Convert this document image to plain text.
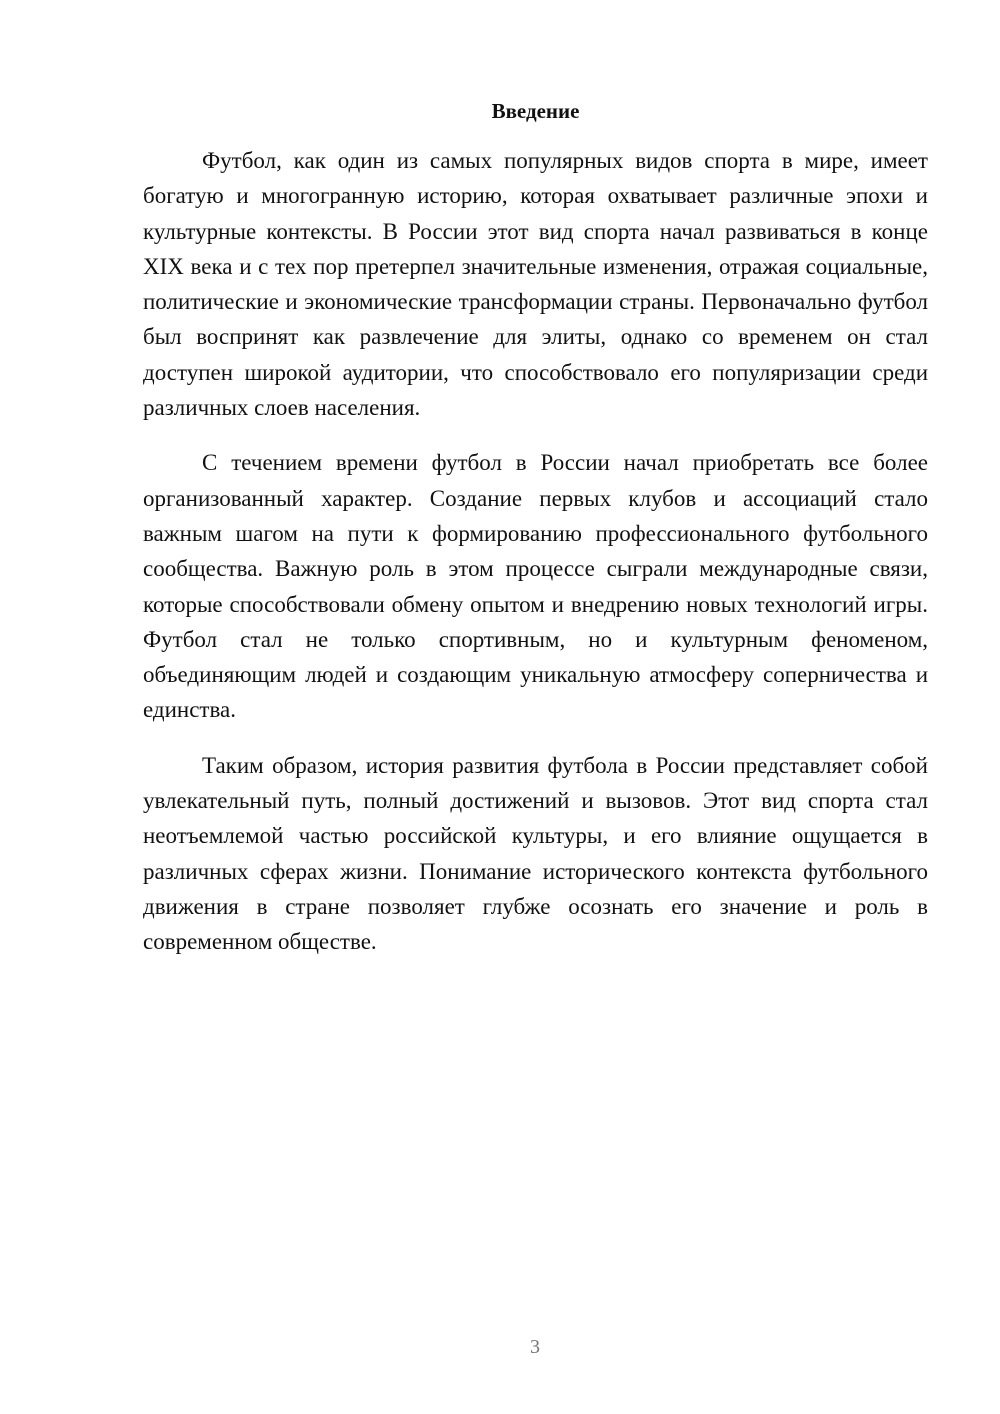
Введение

Футбол, как один из самых популярных видов спорта в мире, имеет богатую и многогранную историю, которая охватывает различные эпохи и культурные контексты. В России этот вид спорта начал развиваться в конце XIX века и с тех пор претерпел значительные изменения, отражая социальные, политические и экономические трансформации страны. Первоначально футбол был воспринят как развлечение для элиты, однако со временем он стал доступен широкой аудитории, что способствовало его популяризации среди различных слоев населения.

С течением времени футбол в России начал приобретать все более организованный характер. Создание первых клубов и ассоциаций стало важным шагом на пути к формированию профессионального футбольного сообщества. Важную роль в этом процессе сыграли международные связи, которые способствовали обмену опытом и внедрению новых технологий игры. Футбол стал не только спортивным, но и культурным феноменом, объединяющим людей и создающим уникальную атмосферу соперничества и единства.

Таким образом, история развития футбола в России представляет собой увлекательный путь, полный достижений и вызовов. Этот вид спорта стал неотъемлемой частью российской культуры, и его влияние ощущается в различных сферах жизни. Понимание исторического контекста футбольного движения в стране позволяет глубже осознать его значение и роль в современном обществе.

3
